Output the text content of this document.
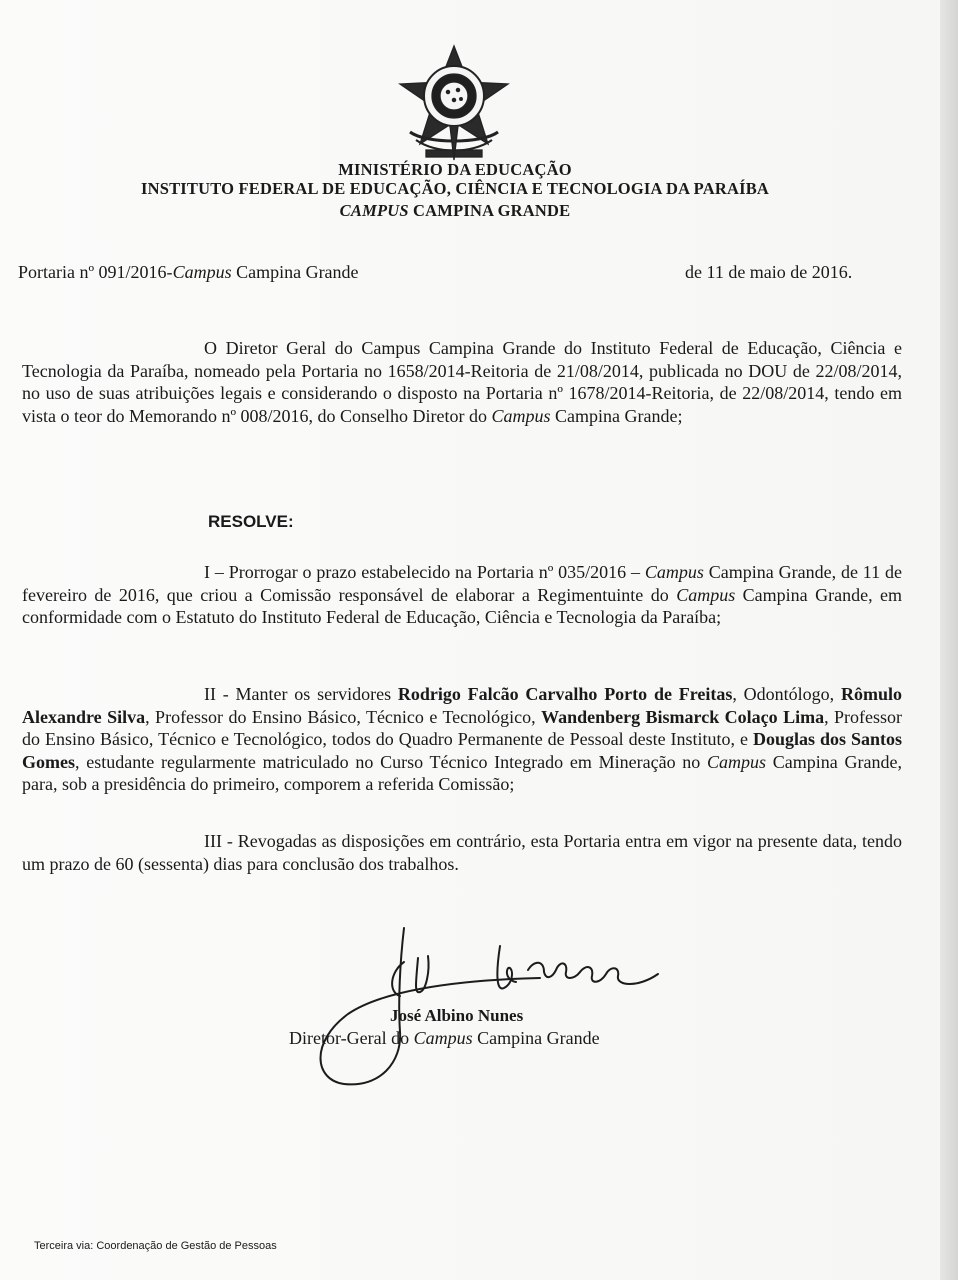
MINISTÉRIO DA EDUCAÇÃO
INSTITUTO FEDERAL DE EDUCAÇÃO, CIÊNCIA E TECNOLOGIA DA PARAÍBA
CAMPUS CAMPINA GRANDE
Portaria nº 091/2016-Campus Campina Grande	de 11 de maio de 2016.

O Diretor Geral do Campus Campina Grande do Instituto Federal de Educação, Ciência e Tecnologia da Paraíba, nomeado pela Portaria no 1658/2014-Reitoria de 21/08/2014, publicada no DOU de 22/08/2014, no uso de suas atribuições legais e considerando o disposto na Portaria nº 1678/2014-Reitoria, de 22/08/2014, tendo em vista o teor do Memorando nº 008/2016, do Conselho Diretor do Campus Campina Grande;

RESOLVE:

I – Prorrogar o prazo estabelecido na Portaria nº 035/2016 – Campus Campina Grande, de 11 de fevereiro de 2016, que criou a Comissão responsável de elaborar a Regimentuinte do Campus Campina Grande, em conformidade com o Estatuto do Instituto Federal de Educação, Ciência e Tecnologia da Paraíba;

II - Manter os servidores Rodrigo Falcão Carvalho Porto de Freitas, Odontólogo, Rômulo Alexandre Silva, Professor do Ensino Básico, Técnico e Tecnológico, Wandenberg Bismarck Colaço Lima, Professor do Ensino Básico, Técnico e Tecnológico, todos do Quadro Permanente de Pessoal deste Instituto, e Douglas dos Santos Gomes, estudante regularmente matriculado no Curso Técnico Integrado em Mineração no Campus Campina Grande, para, sob a presidência do primeiro, comporem a referida Comissão;

III - Revogadas as disposições em contrário, esta Portaria entra em vigor na presente data, tendo um prazo de 60 (sessenta) dias para conclusão dos trabalhos.

José Albino Nunes
Diretor-Geral do Campus Campina Grande
Terceira via: Coordenação de Gestão de Pessoas
